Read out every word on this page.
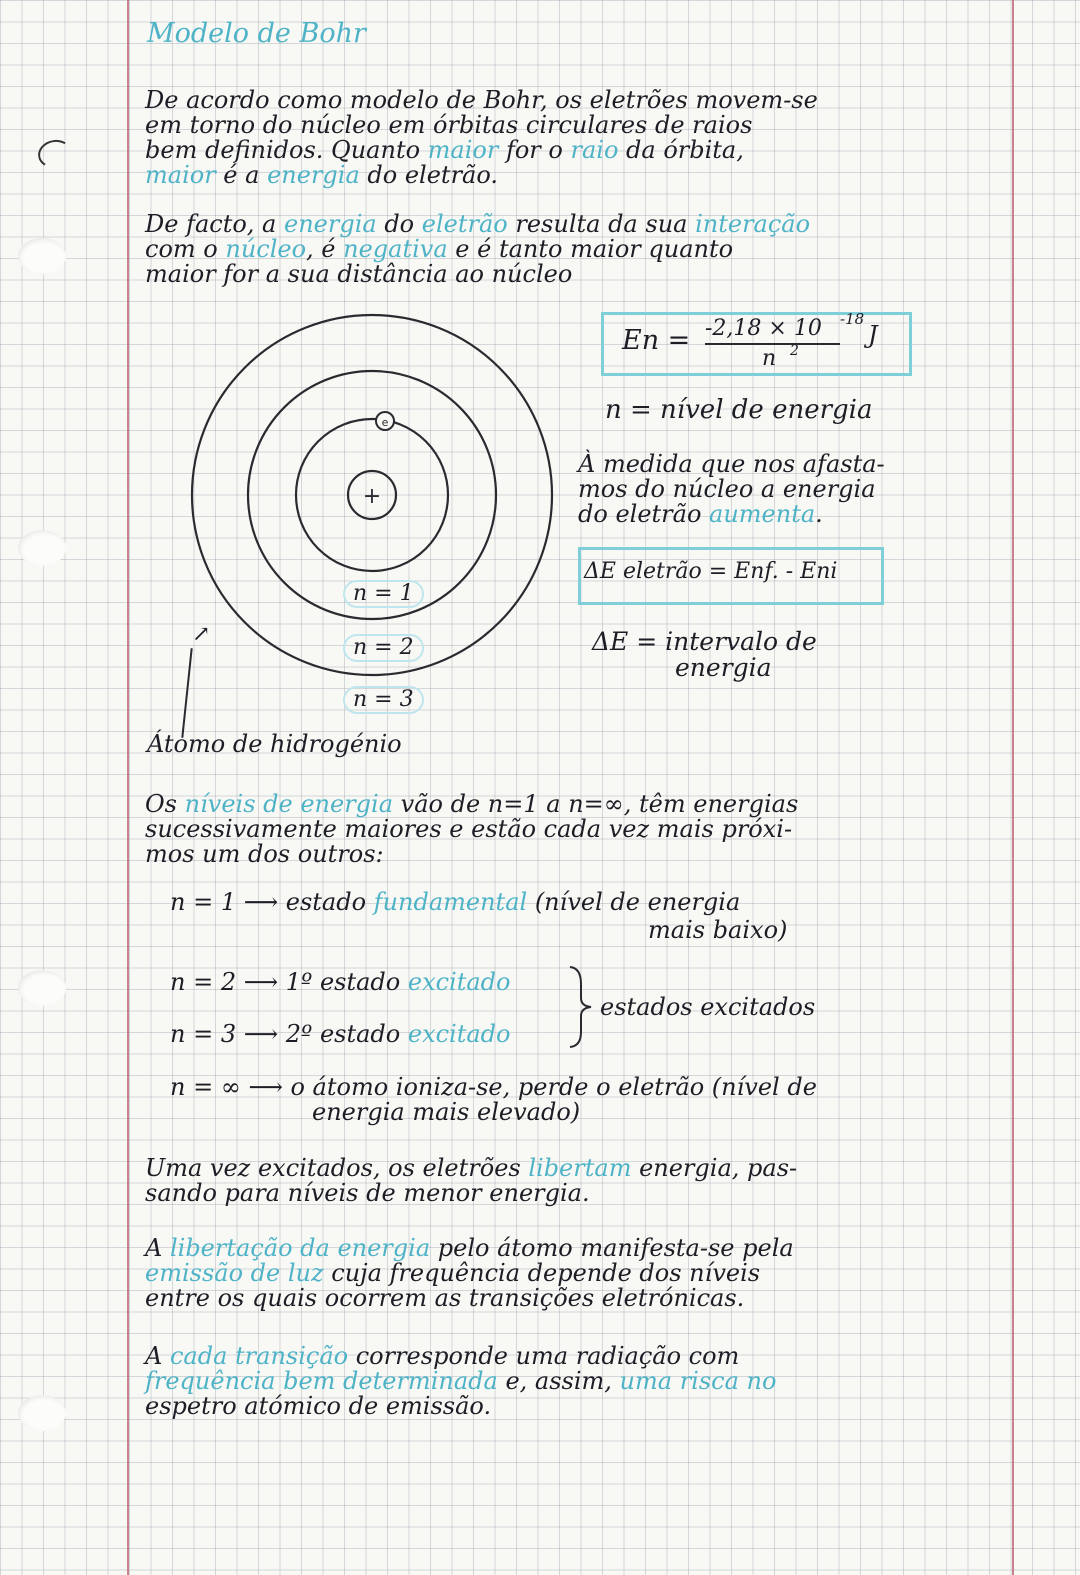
Modelo de Bohr
De acordo como modelo de Bohr, os eletrões movem-se
em torno do núcleo em órbitas circulares de raios
bem definidos. Quanto maior for o raio da órbita,
maior é a energia do eletrão.
De facto, a energia do eletrão resulta da sua interação
com o núcleo, é negativa e é tanto maior quanto
maior for a sua distância ao núcleo
+
e
n = 1
n = 2
n = 3
↗
Átomo de hidrogénio
En = -2,18 × 10 -18
J
n 2
n = nível de energia
À medida que nos afasta-
mos do núcleo a energia
do eletrão aumenta.
ΔE eletrão = Enf. - Eni
ΔE = intervalo de
energia
Os níveis de energia vão de n=1 a n=∞, têm energias
sucessivamente maiores e estão cada vez mais próxi-
mos um dos outros:
n = 1 ⟶ estado fundamental (nível de energia
mais baixo)
n = 2 ⟶ 1º estado excitado
n = 3 ⟶ 2º estado excitado
estados excitados
n = ∞ ⟶ o átomo ioniza-se, perde o eletrão (nível de
energia mais elevado)
Uma vez excitados, os eletrões libertam energia, pas-
sando para níveis de menor energia.
A libertação da energia pelo átomo manifesta-se pela
emissão de luz cuja frequência depende dos níveis
entre os quais ocorrem as transições eletrónicas.
A cada transição corresponde uma radiação com
frequência bem determinada e, assim, uma risca no
espetro atómico de emissão.
